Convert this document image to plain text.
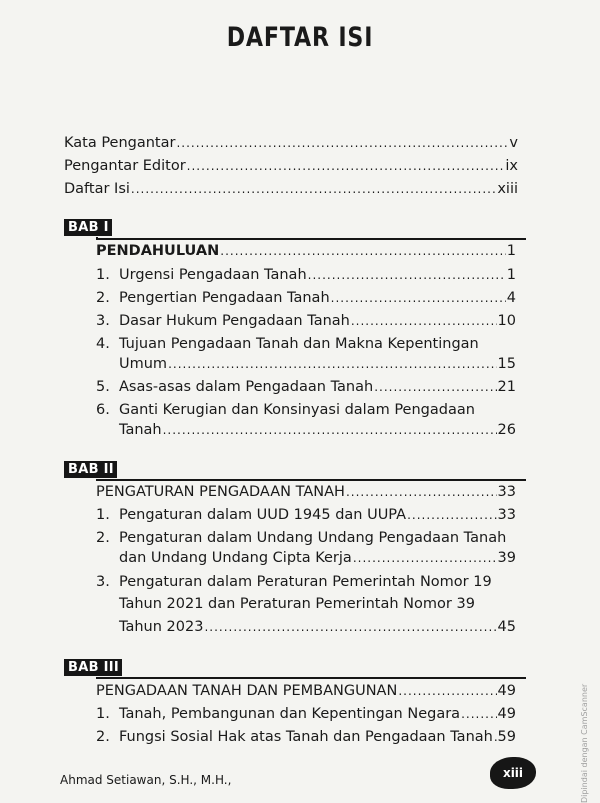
DAFTAR ISI
Kata Pengantar .....	v
Pengantar Editor .....	ix
Daftar Isi .....	xiii
BAB I
PENDAHULUAN .....	1
1. Urgensi Pengadaan Tanah .....	1
2. Pengertian Pengadaan Tanah .....	4
3. Dasar Hukum Pengadaan Tanah .....	10
4. Tujuan Pengadaan Tanah dan Makna Kepentingan
Umum .....	15
5. Asas-asas dalam Pengadaan Tanah .....	21
6. Ganti Kerugian dan Konsinyasi dalam Pengadaan
Tanah .....	26
BAB II
PENGATURAN PENGADAAN TANAH .....	33
1. Pengaturan dalam UUD 1945 dan UUPA .....	33
2. Pengaturan dalam Undang Undang Pengadaan Tanah
dan Undang Undang Cipta Kerja .....	39
3. Pengaturan dalam Peraturan Pemerintah Nomor 19
Tahun 2021 dan Peraturan Pemerintah Nomor 39
Tahun 2023 .....	45
BAB III
PENGADAAN TANAH DAN PEMBANGUNAN .....	49
1. Tanah, Pembangunan dan Kepentingan Negara .....	49
2. Fungsi Sosial Hak atas Tanah dan Pengadaan Tanah ..... 59
Ahmad Setiawan, S.H., M.H.,	xiii	Dipindai dengan CamScanner
